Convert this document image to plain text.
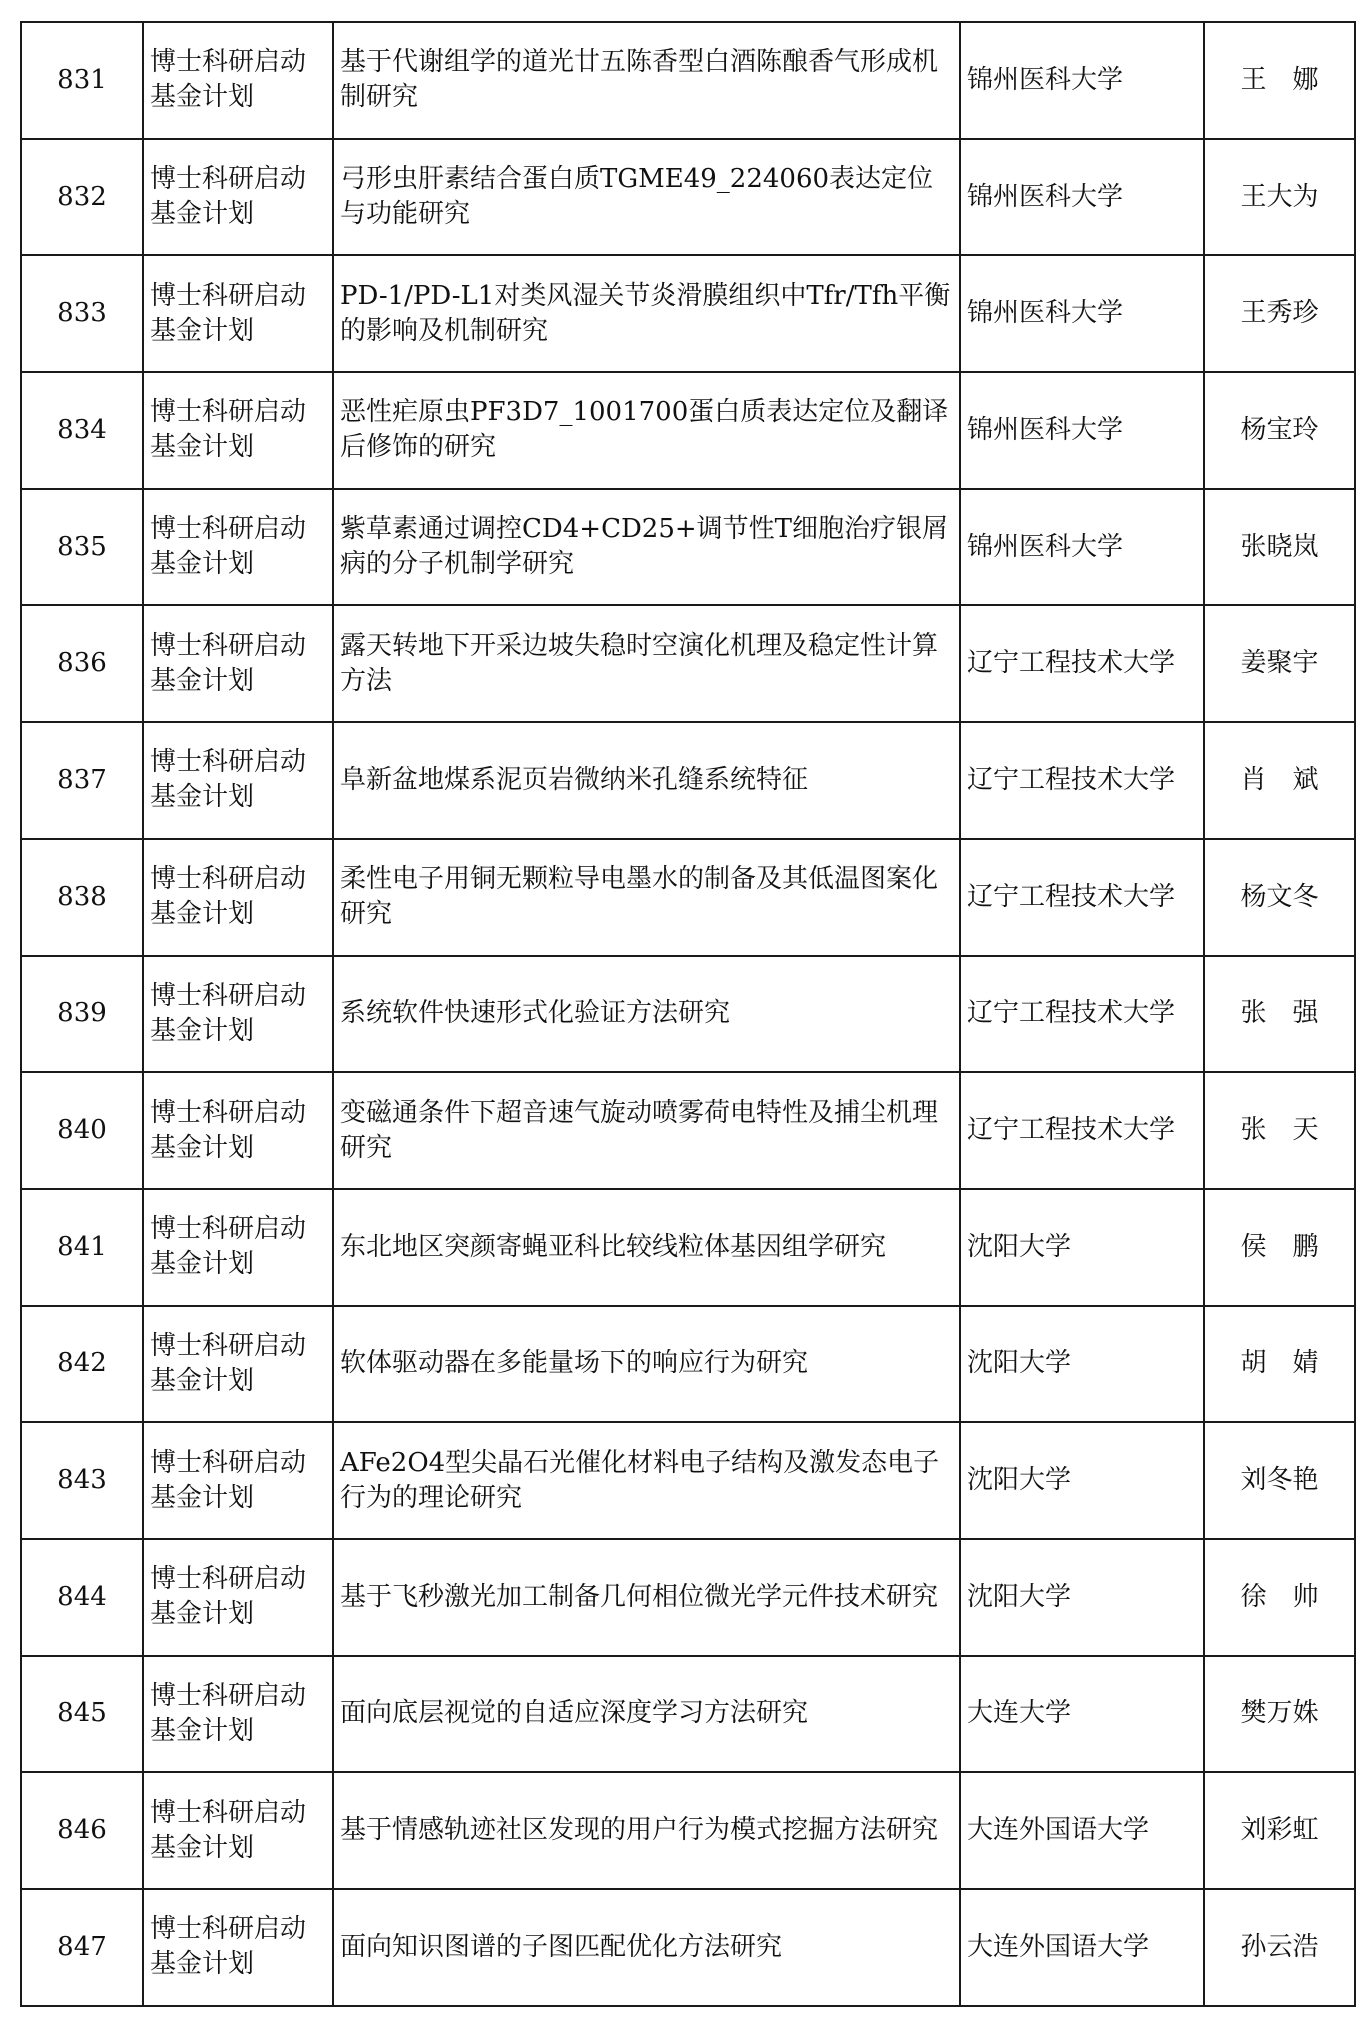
831	博士科研启动基金计划	基于代谢组学的道光廿五陈香型白酒陈酿香气形成机制研究	锦州医科大学	王　娜
832	博士科研启动基金计划	弓形虫肝素结合蛋白质TGME49_224060表达定位与功能研究	锦州医科大学	王大为
833	博士科研启动基金计划	PD-1/PD-L1对类风湿关节炎滑膜组织中Tfr/Tfh平衡的影响及机制研究	锦州医科大学	王秀珍
834	博士科研启动基金计划	恶性疟原虫PF3D7_1001700蛋白质表达定位及翻译后修饰的研究	锦州医科大学	杨宝玲
835	博士科研启动基金计划	紫草素通过调控CD4+CD25+调节性T细胞治疗银屑病的分子机制学研究	锦州医科大学	张晓岚
836	博士科研启动基金计划	露天转地下开采边坡失稳时空演化机理及稳定性计算方法	辽宁工程技术大学	姜聚宇
837	博士科研启动基金计划	阜新盆地煤系泥页岩微纳米孔缝系统特征	辽宁工程技术大学	肖　斌
838	博士科研启动基金计划	柔性电子用铜无颗粒导电墨水的制备及其低温图案化研究	辽宁工程技术大学	杨文冬
839	博士科研启动基金计划	系统软件快速形式化验证方法研究	辽宁工程技术大学	张　强
840	博士科研启动基金计划	变磁通条件下超音速气旋动喷雾荷电特性及捕尘机理研究	辽宁工程技术大学	张　天
841	博士科研启动基金计划	东北地区突颜寄蝇亚科比较线粒体基因组学研究	沈阳大学	侯　鹏
842	博士科研启动基金计划	软体驱动器在多能量场下的响应行为研究	沈阳大学	胡　婧
843	博士科研启动基金计划	AFe2O4型尖晶石光催化材料电子结构及激发态电子行为的理论研究	沈阳大学	刘冬艳
844	博士科研启动基金计划	基于飞秒激光加工制备几何相位微光学元件技术研究	沈阳大学	徐　帅
845	博士科研启动基金计划	面向底层视觉的自适应深度学习方法研究	大连大学	樊万姝
846	博士科研启动基金计划	基于情感轨迹社区发现的用户行为模式挖掘方法研究	大连外国语大学	刘彩虹
847	博士科研启动基金计划	面向知识图谱的子图匹配优化方法研究	大连外国语大学	孙云浩
